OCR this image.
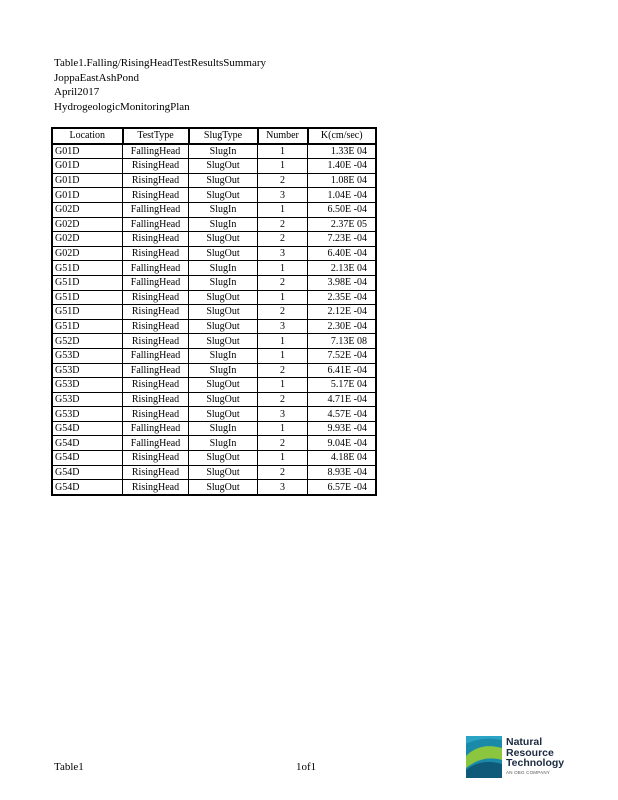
Table1.Falling/RisingHeadTestResultsSummary
JoppaEastAshPond
April2017
HydrogeologicMonitoringPlan
Location	TestType	SlugType	Number	K(cm/sec)
G01D	FallingHead	SlugIn	1	1.33E 04
G01D	RisingHead	SlugOut	1	1.40E -04
G01D	RisingHead	SlugOut	2	1.08E 04
G01D	RisingHead	SlugOut	3	1.04E -04
G02D	FallingHead	SlugIn	1	6.50E -04
G02D	FallingHead	SlugIn	2	2.37E 05
G02D	RisingHead	SlugOut	2	7.23E -04
G02D	RisingHead	SlugOut	3	6.40E -04
G51D	FallingHead	SlugIn	1	2.13E 04
G51D	FallingHead	SlugIn	2	3.98E -04
G51D	RisingHead	SlugOut	1	2.35E -04
G51D	RisingHead	SlugOut	2	2.12E -04
G51D	RisingHead	SlugOut	3	2.30E -04
G52D	RisingHead	SlugOut	1	7.13E 08
G53D	FallingHead	SlugIn	1	7.52E -04
G53D	FallingHead	SlugIn	2	6.41E -04
G53D	RisingHead	SlugOut	1	5.17E 04
G53D	RisingHead	SlugOut	2	4.71E -04
G53D	RisingHead	SlugOut	3	4.57E -04
G54D	FallingHead	SlugIn	1	9.93E -04
G54D	FallingHead	SlugIn	2	9.04E -04
G54D	RisingHead	SlugOut	1	4.18E 04
G54D	RisingHead	SlugOut	2	8.93E -04
G54D	RisingHead	SlugOut	3	6.57E -04
Table1	1of1
Natural
Resource
Technology
AN OBG COMPANY
